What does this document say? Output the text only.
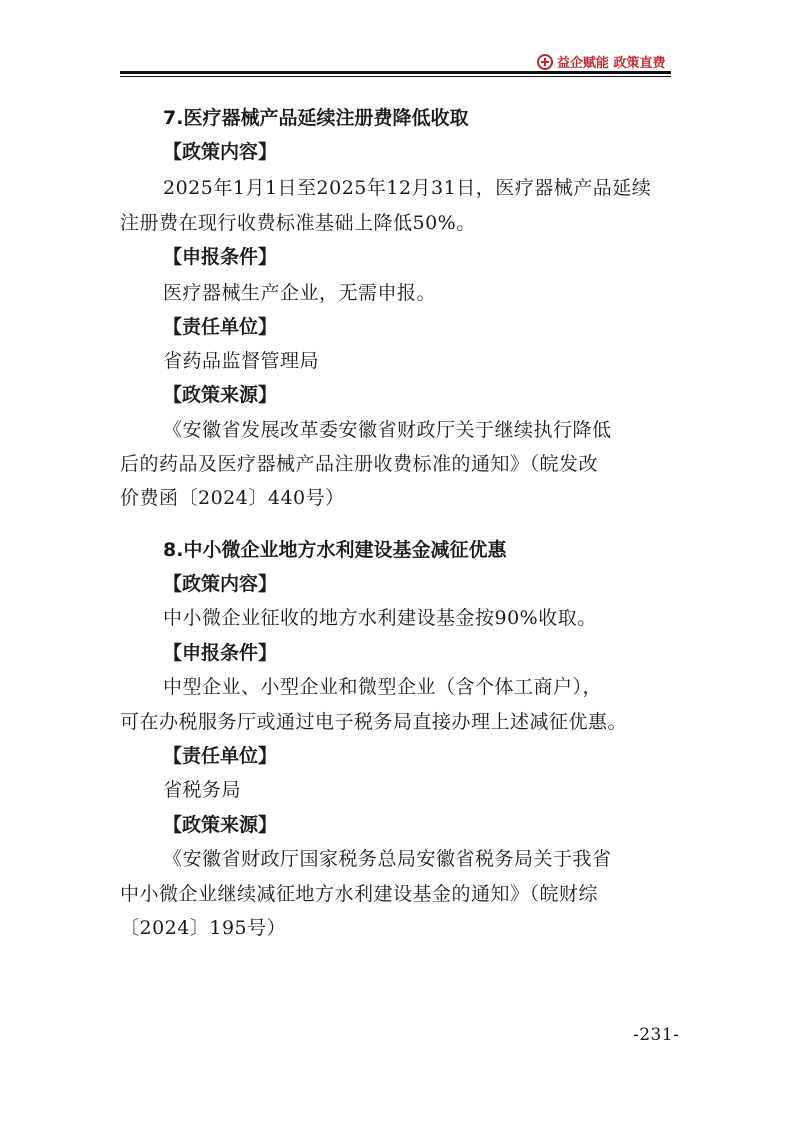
益企赋能 政策直费
7.医疗器械产品延续注册费降低收取
【政策内容】
2025年1月1日至2025年12月31日，医疗器械产品延续
注册费在现行收费标准基础上降低50%。
【申报条件】
医疗器械生产企业，无需申报。
【责任单位】
省药品监督管理局
【政策来源】
《安徽省发展改革委安徽省财政厅关于继续执行降低
后的药品及医疗器械产品注册收费标准的通知》（皖发改
价费函〔2024〕440号）
8.中小微企业地方水利建设基金减征优惠
【政策内容】
中小微企业征收的地方水利建设基金按90%收取。
【申报条件】
中型企业、小型企业和微型企业（含个体工商户），
可在办税服务厅或通过电子税务局直接办理上述减征优惠。
【责任单位】
省税务局
【政策来源】
《安徽省财政厅国家税务总局安徽省税务局关于我省
中小微企业继续减征地方水利建设基金的通知》（皖财综
〔2024〕195号）
-231-
